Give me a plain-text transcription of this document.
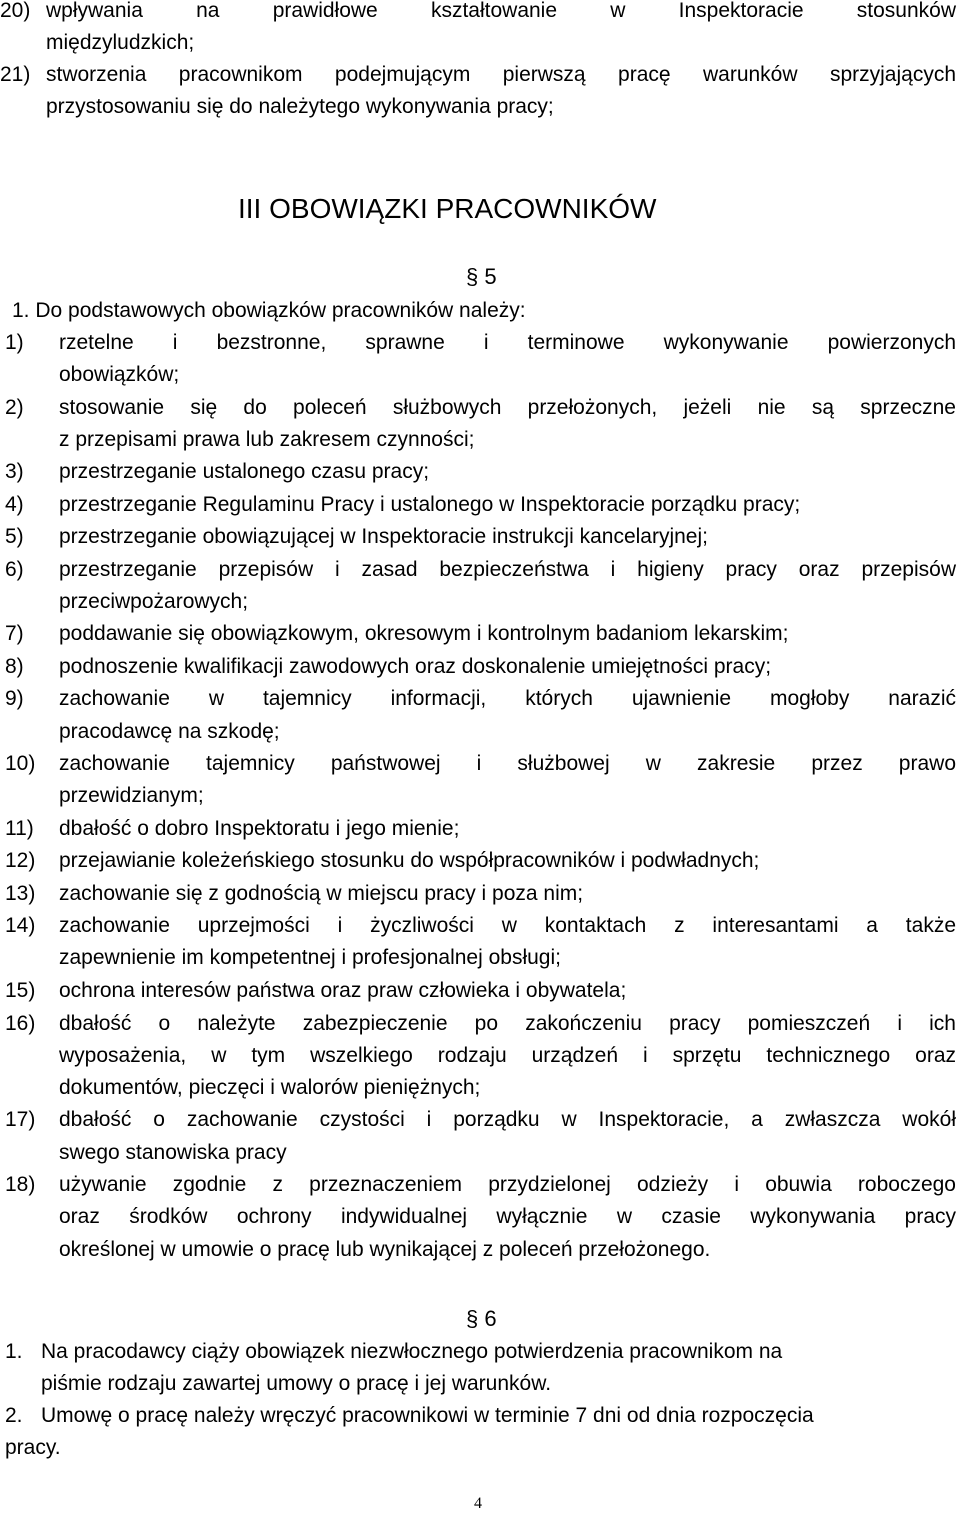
20) wpływania na prawidłowe kształtowanie w Inspektoracie stosunków
międzyludzkich;
21) stworzenia pracownikom podejmującym pierwszą pracę warunków sprzyjających
przystosowaniu się do należytego wykonywania pracy;
III OBOWIĄZKI PRACOWNIKÓW
§ 5
1. Do podstawowych obowiązków pracowników należy:
1) rzetelne i bezstronne, sprawne i terminowe wykonywanie powierzonych
obowiązków;
2) stosowanie się do poleceń służbowych przełożonych, jeżeli nie są sprzeczne
z przepisami prawa lub zakresem czynności;
3) przestrzeganie ustalonego czasu pracy;
4) przestrzeganie Regulaminu Pracy i ustalonego w Inspektoracie porządku pracy;
5) przestrzeganie obowiązującej w Inspektoracie instrukcji kancelaryjnej;
6) przestrzeganie przepisów i zasad bezpieczeństwa i higieny pracy oraz przepisów
przeciwpożarowych;
7) poddawanie się obowiązkowym, okresowym i kontrolnym badaniom lekarskim;
8) podnoszenie kwalifikacji zawodowych oraz doskonalenie umiejętności pracy;
9) zachowanie w tajemnicy informacji, których ujawnienie mogłoby narazić
pracodawcę na szkodę;
10) zachowanie tajemnicy państwowej i służbowej w zakresie przez prawo
przewidzianym;
11) dbałość o dobro Inspektoratu i jego mienie;
12) przejawianie koleżeńskiego stosunku do współpracowników i podwładnych;
13) zachowanie się z godnością w miejscu pracy i poza nim;
14) zachowanie uprzejmości i życzliwości w kontaktach z interesantami a także
zapewnienie im kompetentnej i profesjonalnej obsługi;
15) ochrona interesów państwa oraz praw człowieka i obywatela;
16) dbałość o należyte zabezpieczenie po zakończeniu pracy pomieszczeń i ich
wyposażenia, w tym wszelkiego rodzaju urządzeń i sprzętu technicznego oraz
dokumentów, pieczęci i walorów pieniężnych;
17) dbałość o zachowanie czystości i porządku w Inspektoracie, a zwłaszcza wokół
swego stanowiska pracy
18) używanie zgodnie z przeznaczeniem przydzielonej odzieży i obuwia roboczego
oraz środków ochrony indywidualnej wyłącznie w czasie wykonywania pracy
określonej w umowie o pracę lub wynikającej z poleceń przełożonego.
§ 6
1. Na pracodawcy ciąży obowiązek niezwłocznego potwierdzenia pracownikom na
piśmie rodzaju zawartej umowy o pracę i jej warunków.
2. Umowę o pracę należy wręczyć pracownikowi w terminie 7 dni od dnia rozpoczęcia
pracy.
4
